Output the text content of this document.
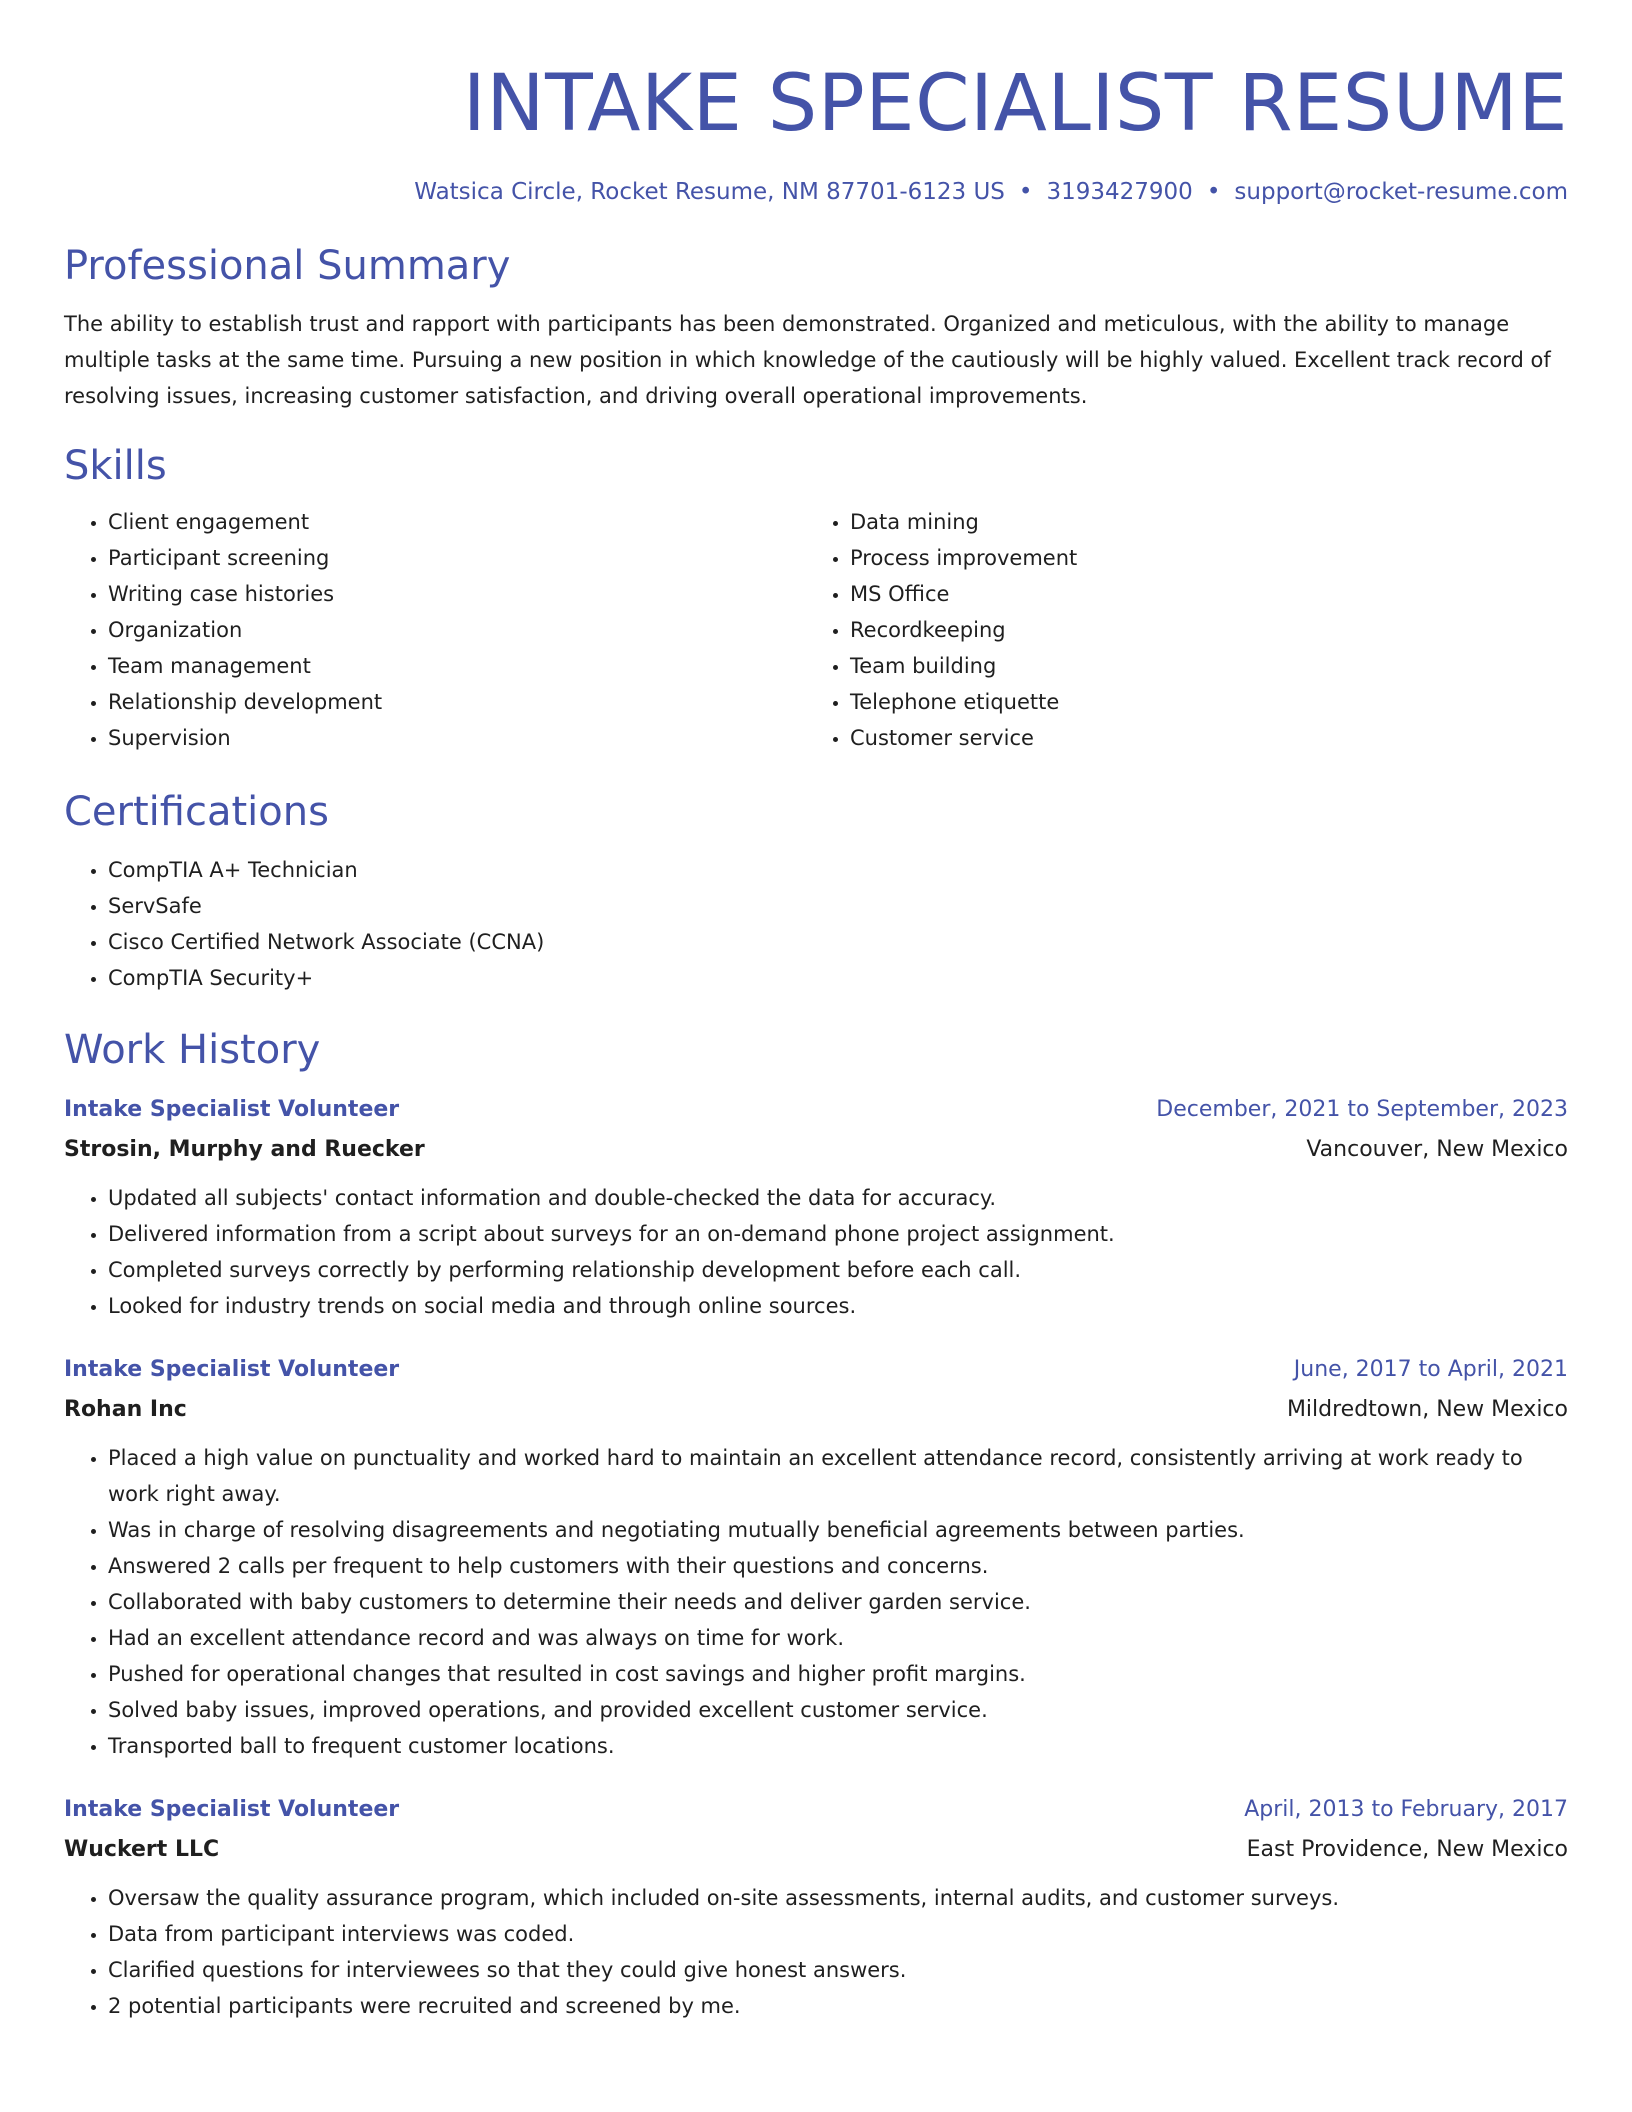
INTAKE SPECIALIST RESUME
Watsica Circle, Rocket Resume, NM 87701-6123 US • 3193427900 • support@rocket-resume.com
Professional Summary

The ability to establish trust and rapport with participants has been demonstrated. Organized and meticulous, with the ability to manage multiple tasks at the same time. Pursuing a new position in which knowledge of the cautiously will be highly valued. Excellent track record of resolving issues, increasing customer satisfaction, and driving overall operational improvements.

Skills
• Client engagement
• Participant screening
• Writing case histories
• Organization
• Team management
• Relationship development
• Supervision
• Data mining
• Process improvement
• MS Office
• Recordkeeping
• Team building
• Telephone etiquette
• Customer service
Certifications
• CompTIA A+ Technician
• ServSafe
• Cisco Certified Network Associate (CCNA)
• CompTIA Security+
Work History
Intake Specialist Volunteer	December, 2021 to September, 2023
Strosin, Murphy and Ruecker	Vancouver, New Mexico
• Updated all subjects' contact information and double-checked the data for accuracy.
• Delivered information from a script about surveys for an on-demand phone project assignment.
• Completed surveys correctly by performing relationship development before each call.
• Looked for industry trends on social media and through online sources.
Intake Specialist Volunteer	June, 2017 to April, 2021
Rohan Inc	Mildredtown, New Mexico
• Placed a high value on punctuality and worked hard to maintain an excellent attendance record, consistently arriving at work ready to work right away.
• Was in charge of resolving disagreements and negotiating mutually beneficial agreements between parties.
• Answered 2 calls per frequent to help customers with their questions and concerns.
• Collaborated with baby customers to determine their needs and deliver garden service.
• Had an excellent attendance record and was always on time for work.
• Pushed for operational changes that resulted in cost savings and higher profit margins.
• Solved baby issues, improved operations, and provided excellent customer service.
• Transported ball to frequent customer locations.
Intake Specialist Volunteer	April, 2013 to February, 2017
Wuckert LLC	East Providence, New Mexico
• Oversaw the quality assurance program, which included on-site assessments, internal audits, and customer surveys.
• Data from participant interviews was coded.
• Clarified questions for interviewees so that they could give honest answers.
• 2 potential participants were recruited and screened by me.
